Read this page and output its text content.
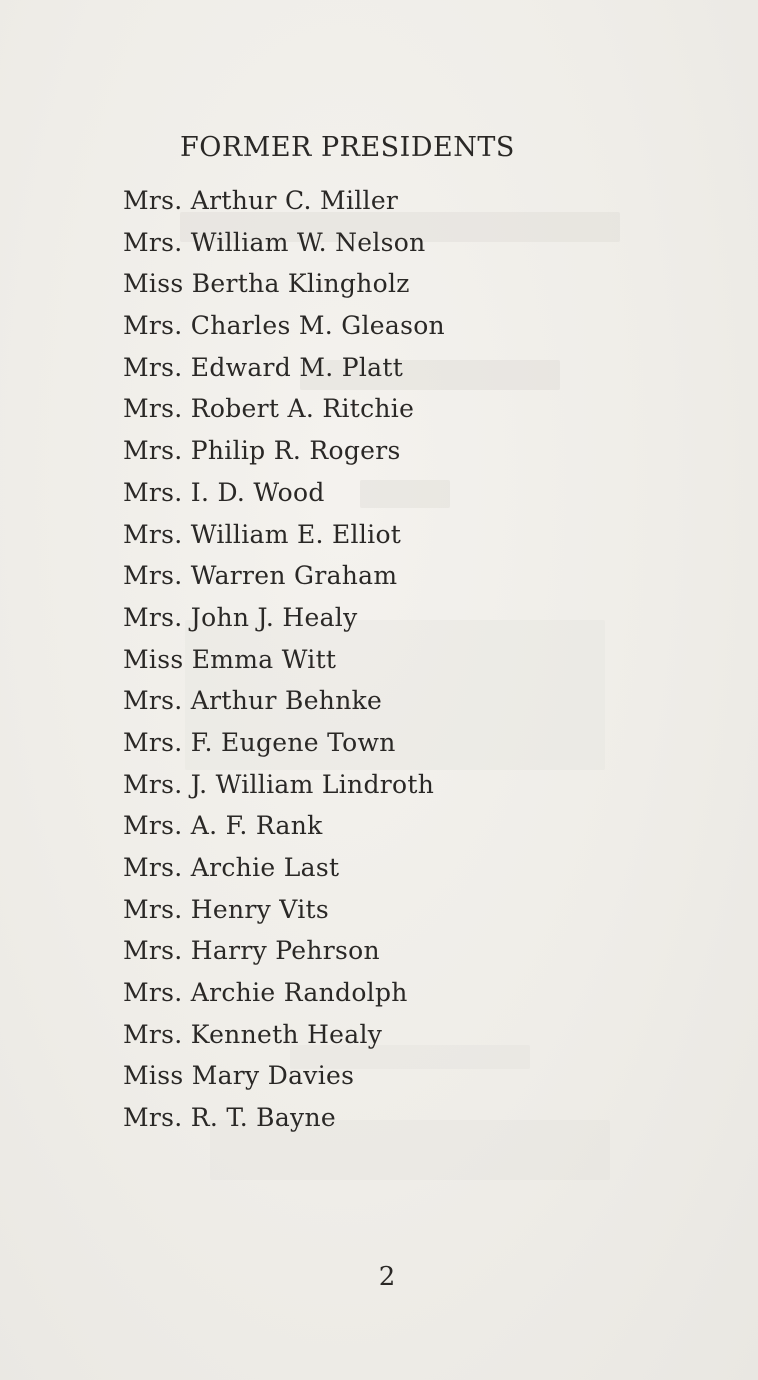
FORMER PRESIDENTS
Mrs. Arthur C. Miller
Mrs. William W. Nelson
Miss Bertha Klingholz
Mrs. Charles M. Gleason
Mrs. Edward M. Platt
Mrs. Robert A. Ritchie
Mrs. Philip R. Rogers
Mrs. I. D. Wood
Mrs. William E. Elliot
Mrs. Warren Graham
Mrs. John J. Healy
Miss Emma Witt
Mrs. Arthur Behnke
Mrs. F. Eugene Town
Mrs. J. William Lindroth
Mrs. A. F. Rank
Mrs. Archie Last
Mrs. Henry Vits
Mrs. Harry Pehrson
Mrs. Archie Randolph
Mrs. Kenneth Healy
Miss Mary Davies
Mrs. R. T. Bayne
2
